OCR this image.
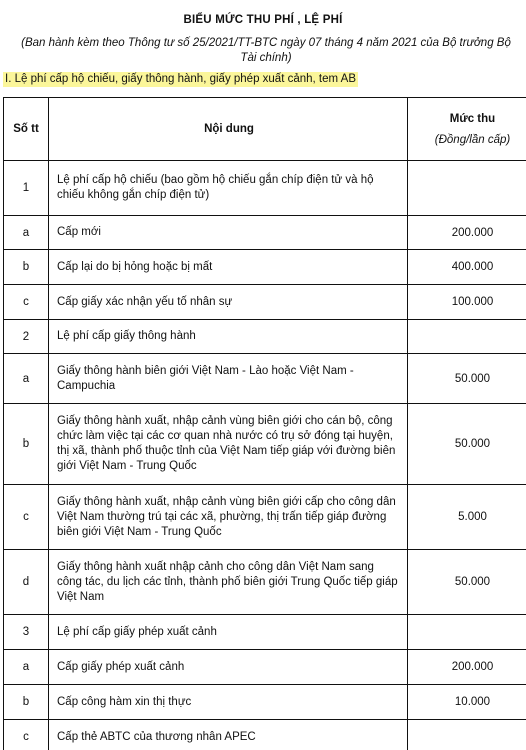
BIỂU MỨC THU PHÍ , LỆ PHÍ
(Ban hành kèm theo Thông tư số 25/2021/TT-BTC ngày 07 tháng 4 năm 2021 của Bộ trưởng Bộ Tài chính)
I. Lệ phí cấp hộ chiếu, giấy thông hành, giấy phép xuất cảnh, tem AB
Số tt	Nội dung	Mức thu
(Đồng/lần cấp)

1	Lệ phí cấp hộ chiếu (bao gồm hộ chiếu gắn chíp điện tử và hộ chiếu không gắn chíp điện tử)	
a	Cấp mới	200.000
b	Cấp lại do bị hỏng hoặc bị mất	400.000
c	Cấp giấy xác nhận yếu tố nhân sự	100.000
2	Lệ phí cấp giấy thông hành	
a	Giấy thông hành biên giới Việt Nam - Lào hoặc Việt Nam - Campuchia	50.000
b	Giấy thông hành xuất, nhập cảnh vùng biên giới cho cán bộ, công chức làm việc tại các cơ quan nhà nước có trụ sở đóng tại huyện, thị xã, thành phố thuộc tỉnh của Việt Nam tiếp giáp với đường biên giới Việt Nam - Trung Quốc	50.000
c	Giấy thông hành xuất, nhập cảnh vùng biên giới cấp cho công dân Việt Nam thường trú tại các xã, phường, thị trấn tiếp giáp đường biên giới Việt Nam - Trung Quốc	5.000
d	Giấy thông hành xuất nhập cảnh cho công dân Việt Nam sang công tác, du lịch các tỉnh, thành phố biên giới Trung Quốc tiếp giáp Việt Nam	50.000
3	Lệ phí cấp giấy phép xuất cảnh	
a	Cấp giấy phép xuất cảnh	200.000
b	Cấp công hàm xin thị thực	10.000
c	Cấp thẻ ABTC của thương nhân APEC	
